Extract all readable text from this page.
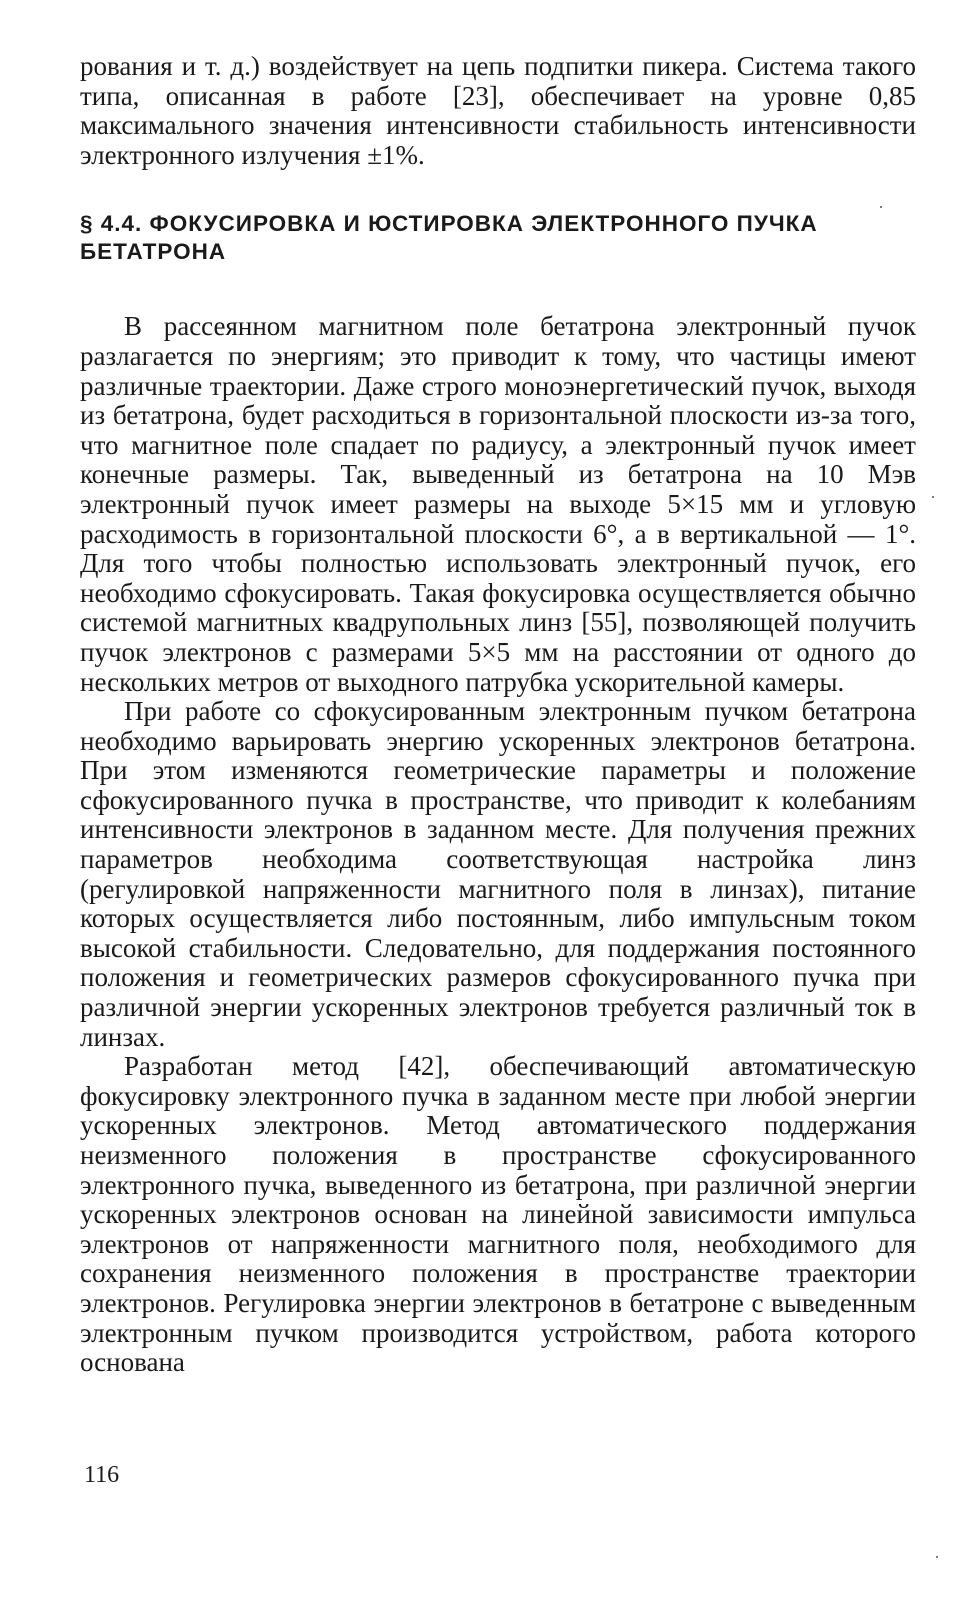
рования и т. д.) воздействует на цепь подпитки пикера. Система такого типа, описанная в работе [23], обеспечивает на уровне 0,85 максимального значения интенсивности стабильность интенсивности электронного излучения ±1%.

§ 4.4. ФОКУСИРОВКА И ЮСТИРОВКА ЭЛЕКТРОННОГО ПУЧКА БЕТАТРОНА

В рассеянном магнитном поле бетатрона электронный пучок разлагается по энергиям; это приводит к тому, что частицы имеют различные траектории. Даже строго моноэнергетический пучок, выходя из бетатрона, будет расходиться в горизонтальной плоскости из-за того, что магнитное поле спадает по радиусу, а электронный пучок имеет конечные размеры. Так, выведенный из бетатрона на 10 Мэв электронный пучок имеет размеры на выходе 5×15 мм и угловую расходимость в горизонтальной плоскости 6°, а в вертикальной — 1°. Для того чтобы полностью использовать электронный пучок, его необходимо сфокусировать. Такая фокусировка осуществляется обычно системой магнитных квадрупольных линз [55], позволяющей получить пучок электронов с размерами 5×5 мм на расстоянии от одного до нескольких метров от выходного патрубка ускорительной камеры.

При работе со сфокусированным электронным пучком бетатрона необходимо варьировать энергию ускоренных электронов бетатрона. При этом изменяются геометрические параметры и положение сфокусированного пучка в пространстве, что приводит к колебаниям интенсивности электронов в заданном месте. Для получения прежних параметров необходима соответствующая настройка линз (регулировкой напряженности магнитного поля в линзах), питание которых осуществляется либо постоянным, либо импульсным током высокой стабильности. Следовательно, для поддержания постоянного положения и геометрических размеров сфокусированного пучка при различной энергии ускоренных электронов требуется различный ток в линзах.

Разработан метод [42], обеспечивающий автоматическую фокусировку электронного пучка в заданном месте при любой энергии ускоренных электронов. Метод автоматического поддержания неизменного положения в пространстве сфокусированного электронного пучка, выведенного из бетатрона, при различной энергии ускоренных электронов основан на линейной зависимости импульса электронов от напряженности магнитного поля, необходимого для сохранения неизменного положения в пространстве траектории электронов. Регулировка энергии электронов в бетатроне с выведенным электронным пучком производится устройством, работа которого основана

116
